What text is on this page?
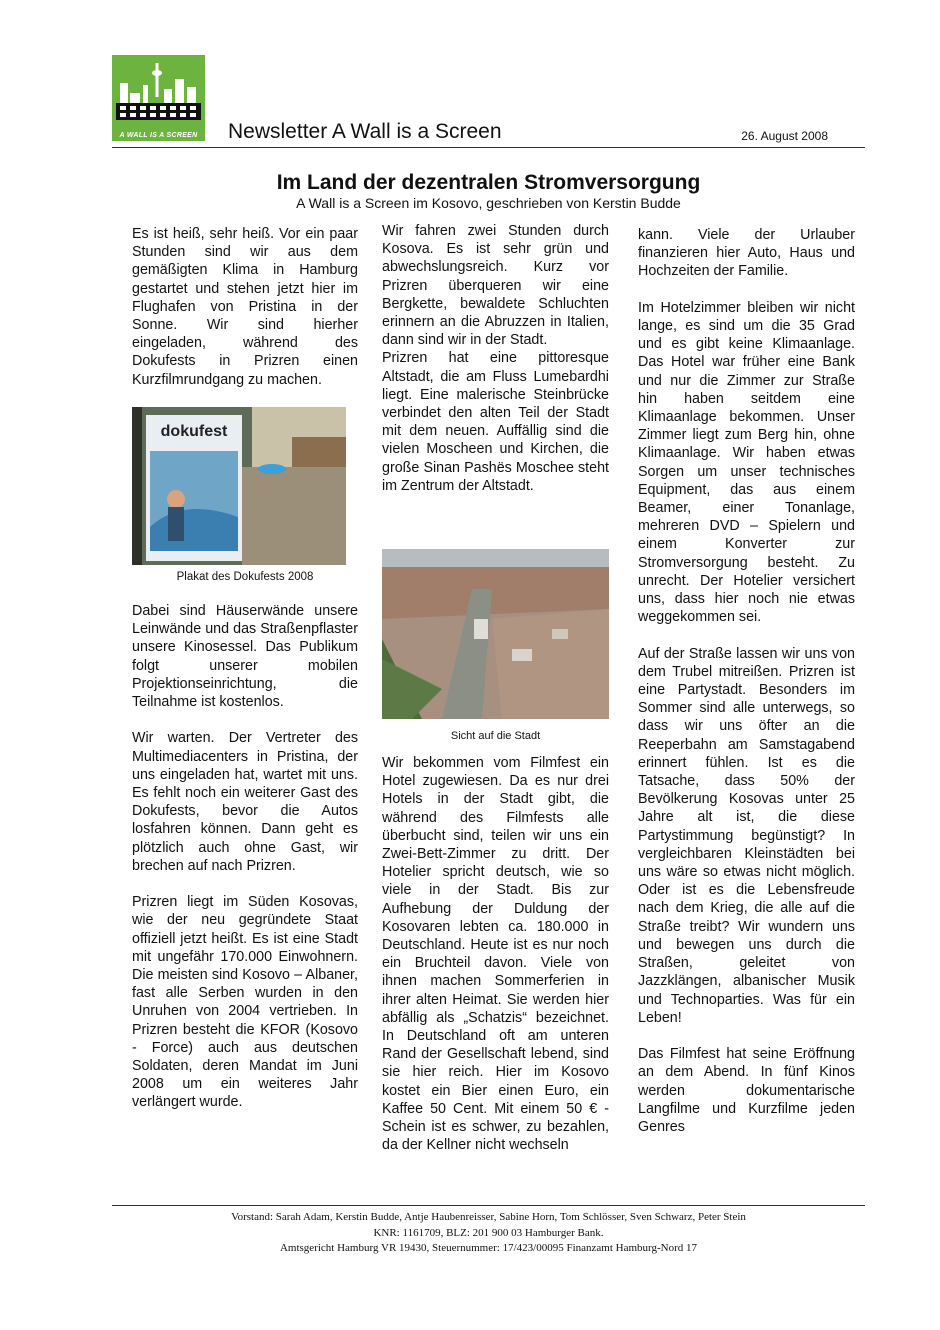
A WALL IS A SCREEN	Newsletter A Wall is a Screen	26. August 2008
Im Land der dezentralen Stromversorgung
A Wall is a Screen im Kosovo, geschrieben von Kerstin Budde

Es ist heiß, sehr heiß. Vor ein paar Stunden sind wir aus dem gemäßigten Klima in Hamburg gestartet und stehen jetzt hier im Flughafen von Pristina in der Sonne. Wir sind hierher eingeladen, während des Dokufests in Prizren einen Kurzfilmrundgang zu machen.

dokufest
Plakat des Dokufests 2008

Dabei sind Häuserwände unsere Leinwände und das Straßenpflaster unsere Kinosessel. Das Publikum folgt unserer mobilen Projektionseinrichtung, die Teilnahme ist kostenlos.

Wir warten. Der Vertreter des Multimediacenters in Pristina, der uns eingeladen hat, wartet mit uns. Es fehlt noch ein weiterer Gast des Dokufests, bevor die Autos losfahren können. Dann geht es plötzlich auch ohne Gast, wir brechen auf nach Prizren.

Prizren liegt im Süden Kosovas, wie der neu gegründete Staat offiziell jetzt heißt. Es ist eine Stadt mit ungefähr 170.000 Einwohnern. Die meisten sind Kosovo – Albaner, fast alle Serben wurden in den Unruhen von 2004 vertrieben. In Prizren besteht die KFOR (Kosovo - Force) auch aus deutschen Soldaten, deren Mandat im Juni 2008 um ein weiteres Jahr verlängert wurde.

Wir fahren zwei Stunden durch Kosova. Es ist sehr grün und abwechslungsreich. Kurz vor Prizren überqueren wir eine Bergkette, bewaldete Schluchten erinnern an die Abruzzen in Italien, dann sind wir in der Stadt.

Prizren hat eine pittoresque Altstadt, die am Fluss Lumebardhi liegt. Eine malerische Steinbrücke verbindet den alten Teil der Stadt mit dem neuen. Auffällig sind die vielen Moscheen und Kirchen, die große Sinan Pashës Moschee steht im Zentrum der Altstadt.

Sicht auf die Stadt

Wir bekommen vom Filmfest ein Hotel zugewiesen. Da es nur drei Hotels in der Stadt gibt, die während des Filmfests alle überbucht sind, teilen wir uns ein Zwei-Bett-Zimmer zu dritt. Der Hotelier spricht deutsch, wie so viele in der Stadt. Bis zur Aufhebung der Duldung der Kosovaren lebten ca. 180.000 in Deutschland. Heute ist es nur noch ein Bruchteil davon. Viele von ihnen machen Sommerferien in ihrer alten Heimat. Sie werden hier abfällig als „Schatzis“ bezeichnet. In Deutschland oft am unteren Rand der Gesellschaft lebend, sind sie hier reich. Hier im Kosovo kostet ein Bier einen Euro, ein Kaffee 50 Cent. Mit einem 50 € - Schein ist es schwer, zu bezahlen, da der Kellner nicht wechseln

kann. Viele der Urlauber finanzieren hier Auto, Haus und Hochzeiten der Familie.

Im Hotelzimmer bleiben wir nicht lange, es sind um die 35 Grad und es gibt keine Klimaanlage. Das Hotel war früher eine Bank und nur die Zimmer zur Straße hin haben seitdem eine Klimaanlage bekommen. Unser Zimmer liegt zum Berg hin, ohne Klimaanlage. Wir haben etwas Sorgen um unser technisches Equipment, das aus einem Beamer, einer Tonanlage, mehreren DVD – Spielern und einem Konverter zur Stromversorgung besteht. Zu unrecht. Der Hotelier versichert uns, dass hier noch nie etwas weggekommen sei.

Auf der Straße lassen wir uns von dem Trubel mitreißen. Prizren ist eine Partystadt. Besonders im Sommer sind alle unterwegs, so dass wir uns öfter an die Reeperbahn am Samstagabend erinnert fühlen. Ist es die Tatsache, dass 50% der Bevölkerung Kosovas unter 25 Jahre alt ist, die diese Partystimmung begünstigt? In vergleichbaren Kleinstädten bei uns wäre so etwas nicht möglich. Oder ist es die Lebensfreude nach dem Krieg, die alle auf die Straße treibt? Wir wundern uns und bewegen uns durch die Straßen, geleitet von Jazzklängen, albanischer Musik und Technoparties. Was für ein Leben!

Das Filmfest hat seine Eröffnung an dem Abend. In fünf Kinos werden dokumentarische Langfilme und Kurzfilme jeden Genres

Vorstand: Sarah Adam, Kerstin Budde, Antje Haubenreisser, Sabine Horn, Tom Schlösser, Sven Schwarz, Peter Stein
KNR: 1161709, BLZ: 201 900 03 Hamburger Bank.
Amtsgericht Hamburg VR 19430, Steuernummer: 17/423/00095 Finanzamt Hamburg-Nord 17
